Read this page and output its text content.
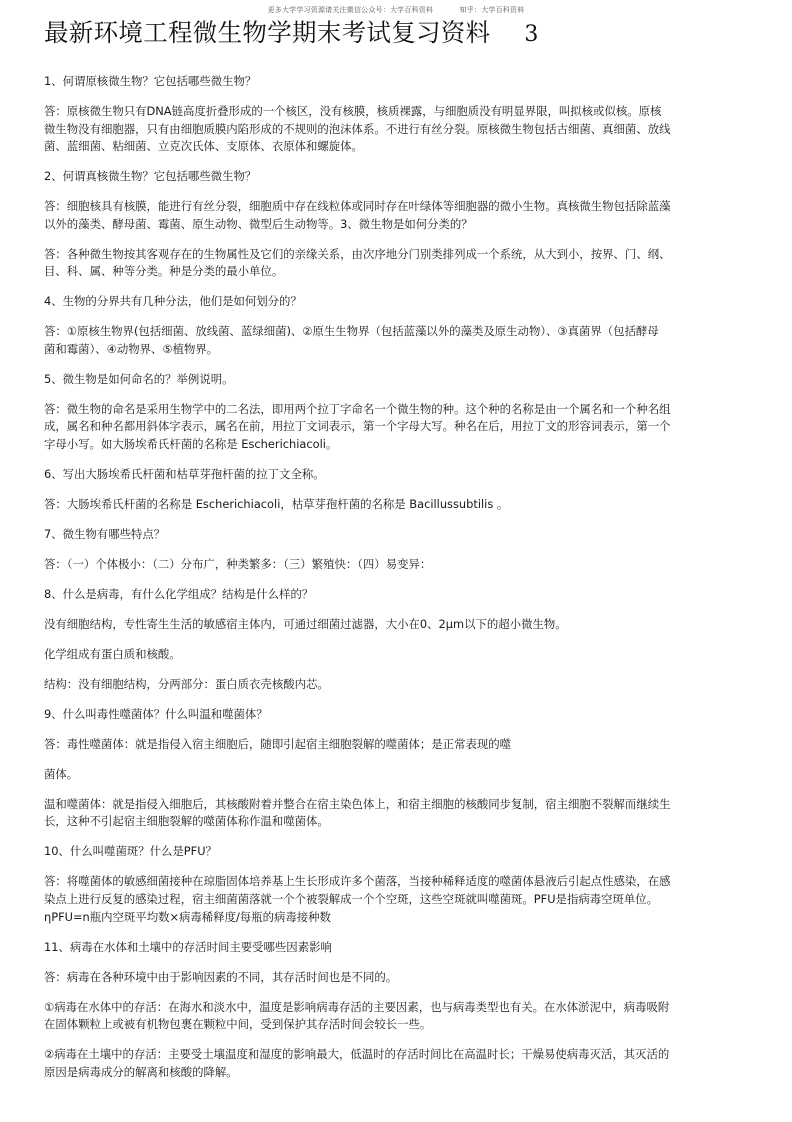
更多大学学习资源请关注微信公众号：大学百科资料	知乎：大学百科资料
最新环境工程微生物学期末考试复习资料 3
1、何谓原核微生物？它包括哪些微生物？
答：原核微生物只有DNA链高度折叠形成的一个核区，没有核膜，核质裸露，与细胞质没有明显界限，叫拟核或似核。原核
微生物没有细胞器，只有由细胞质膜内陷形成的不规则的泡沫体系。不进行有丝分裂。原核微生物包括古细菌、真细菌、放线
菌、蓝细菌、粘细菌、立克次氏体、支原体、衣原体和螺旋体。
2、何谓真核微生物？它包括哪些微生物？
答：细胞核具有核膜，能进行有丝分裂，细胞质中存在线粒体或同时存在叶绿体等细胞器的微小生物。真核微生物包括除蓝藻
以外的藻类、酵母菌、霉菌、原生动物、微型后生动物等。3、微生物是如何分类的？
答：各种微生物按其客观存在的生物属性及它们的亲缘关系，由次序地分门别类排列成一个系统，从大到小，按界、门、纲、
目、科、属、种等分类。种是分类的最小单位。
4、生物的分界共有几种分法，他们是如何划分的？
答：①原核生物界(包括细菌、放线菌、蓝绿细菌)、②原生生物界（包括蓝藻以外的藻类及原生动物）、③真菌界（包括酵母
菌和霉菌）、④动物界、⑤植物界。
5、微生物是如何命名的？举例说明。
答：微生物的命名是采用生物学中的二名法，即用两个拉丁字命名一个微生物的种。这个种的名称是由一个属名和一个种名组
成，属名和种名都用斜体字表示，属名在前，用拉丁文词表示，第一个字母大写。种名在后，用拉丁文的形容词表示，第一个
字母小写。如大肠埃希氏杆菌的名称是 Escherichiacoli。
6、写出大肠埃希氏杆菌和枯草芽孢杆菌的拉丁文全称。
答：大肠埃希氏杆菌的名称是 Escherichiacoli，枯草芽孢杆菌的名称是 Bacillussubtilis 。
7、微生物有哪些特点？
答：（一）个体极小：（二）分布广，种类繁多：（三）繁殖快：（四）易变异：
8、什么是病毒，有什么化学组成？结构是什么样的？
没有细胞结构，专性寄生生活的敏感宿主体内，可通过细菌过滤器，大小在0、2μm以下的超小微生物。
化学组成有蛋白质和核酸。
结构：没有细胞结构，分两部分：蛋白质衣壳核酸内芯。
9、什么叫毒性噬菌体？什么叫温和噬菌体？
答：毒性噬菌体：就是指侵入宿主细胞后，随即引起宿主细胞裂解的噬菌体；是正常表现的噬
菌体。
温和噬菌体：就是指侵入细胞后，其核酸附着并整合在宿主染色体上，和宿主细胞的核酸同步复制，宿主细胞不裂解而继续生
长，这种不引起宿主细胞裂解的噬菌体称作温和噬菌体。
10、什么叫噬菌斑？什么是PFU？
答：将噬菌体的敏感细菌接种在琼脂固体培养基上生长形成许多个菌落，当接种稀释适度的噬菌体悬液后引起点性感染，在感
染点上进行反复的感染过程，宿主细菌菌落就一个个被裂解成一个个空斑，这些空斑就叫噬菌斑。PFU是指病毒空斑单位。
ηPFU=n瓶内空斑平均数×病毒稀释度/每瓶的病毒接种数
11、病毒在水体和土壤中的存活时间主要受哪些因素影响
答：病毒在各种环境中由于影响因素的不同，其存活时间也是不同的。
①病毒在水体中的存活：在海水和淡水中，温度是影响病毒存活的主要因素，也与病毒类型也有关。在水体淤泥中，病毒吸附
在固体颗粒上或被有机物包裹在颗粒中间，受到保护其存活时间会较长一些。
②病毒在土壤中的存活：主要受土壤温度和湿度的影响最大，低温时的存活时间比在高温时长；干燥易使病毒灭活，其灭活的
原因是病毒成分的解离和核酸的降解。
